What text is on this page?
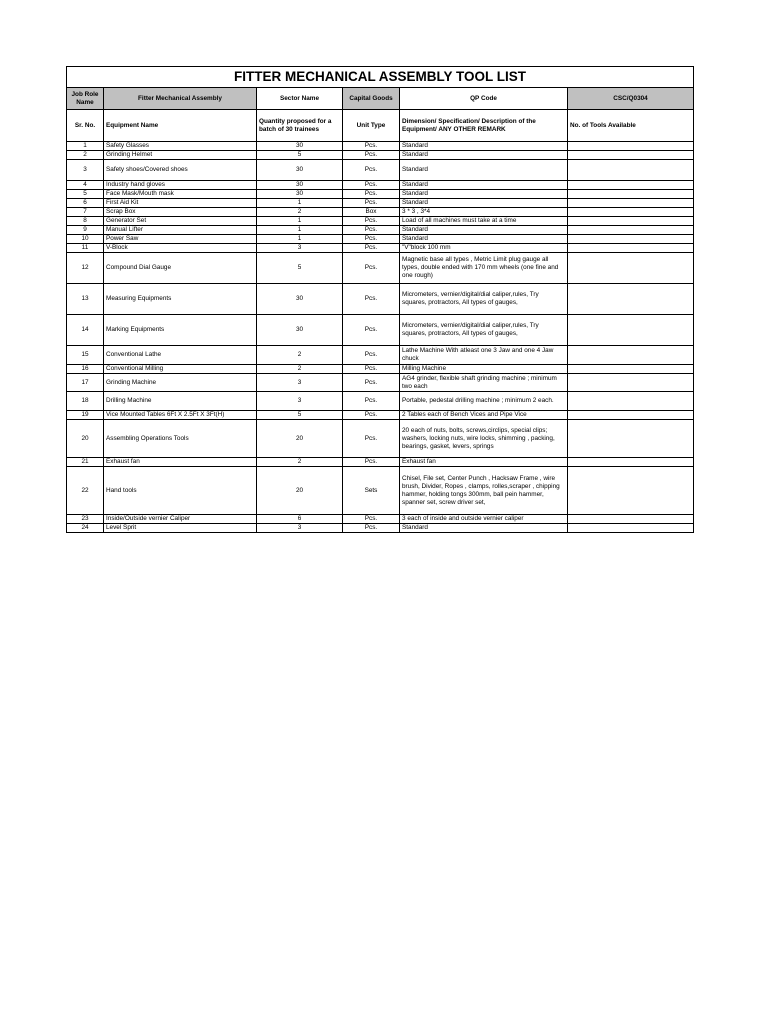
FITTER MECHANICAL ASSEMBLY TOOL LIST					
Job Role Name	Fitter Mechanical Assembly	Sector Name	Capital Goods	QP Code	CSC/Q0304
Sr. No.	Equipment Name	Quantity proposed for a batch of 30 trainees	Unit Type	Dimension/ Specification/ Description of the Equipment/ ANY OTHER REMARK	No. of Tools Available
1	Safety Glasses	30	Pcs.	Standard	
2	Grinding Helmet	5	Pcs.	Standard	
3	Safety shoes/Covered shoes	30	Pcs.	Standard	
4	Industry hand gloves	30	Pcs.	Standard	
5	Face Mask/Mouth mask	30	Pcs.	Standard	
6	First Aid Kit	1	Pcs.	Standard	
7	Scrap Box	2	Box	3 * 3 , 3*4	
8	Generator Set	1	Pcs.	Load of all machines must take at a time	
9	Manual Lifter	1	Pcs.	Standard	
10	Power Saw	1	Pcs.	Standard	
11	V-Block	3	Pcs.	"V"block 100 mm	
12	Compound Dial Gauge	5	Pcs.	Magnetic base all types , Metric Limit plug gauge all types, double ended with 170 mm wheels (one fine and one rough)	
13	Measuring Equipments	30	Pcs.	Micrometers, vernier/digital/dial caliper,rules, Try squares, protractors, All types of gauges,	
14	Marking Equipments	30	Pcs.	Micrometers, vernier/digital/dial caliper,rules, Try squares, protractors, All types of gauges,	
15	Conventional Lathe	2	Pcs.	Lathe Machine With atleast one 3 Jaw and one 4 Jaw chuck	
16	Conventional Milling	2	Pcs.	Milling Machine	
17	Grinding Machine	3	Pcs.	AG4 grinder, flexible shaft grinding machine ; minimum two each	
18	Drilling Machine	3	Pcs.	Portable, pedestal drilling machine ; minimum 2 each.	
19	Vice Mounted Tables 6Ft X 2.5Ft X 3Ft(H)	5	Pcs.	2 Tables each of Bench Vices and Pipe Vice	
20	Assembling Operations Tools	20	Pcs.	20 each of nuts, bolts, screws,circlips, special clips; washers, locking nuts, wire locks, shimming , packing, bearings, gasket, levers, springs	
21	Exhaust fan	2	Pcs.	Exhaust fan	
22	Hand tools	20	Sets	Chisel, File set, Center Punch , Hacksaw Frame , wire brush, Divider, Ropes , clamps, rolles,scraper , chipping hammer, holding tongs 300mm, ball pein hammer, spanner set, screw driver set,	
23	Inside/Outside vernier Caliper	6	Pcs.	3 each of inside and outside vernier caliper	
24	Level Sprit	3	Pcs.	Standard	
